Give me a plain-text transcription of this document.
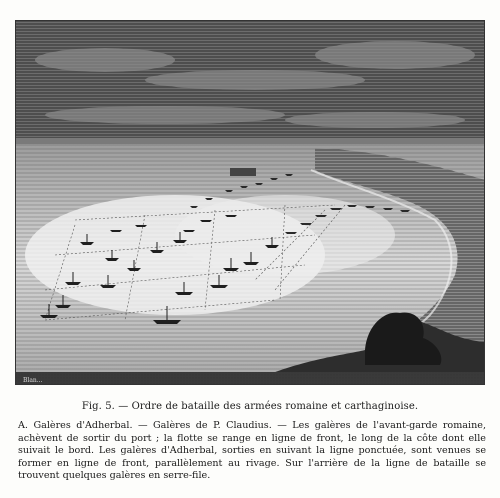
Blan...
Fig. 5. — Ordre de bataille des armées romaine et carthaginoise.
A. Galères d'Adherbal. — Galères de P. Claudius. — Les galères de l'avant-garde romaine, achèvent de sortir du port ; la flotte se range en ligne de front, le long de la côte dont elle suivait le bord. Les galères d'Adherbal, sorties en suivant la ligne ponctuée, sont venues se former en ligne de front, parallèlement au rivage. Sur l'arrière de la ligne de bataille se trouvent quelques galères en serre-file.
